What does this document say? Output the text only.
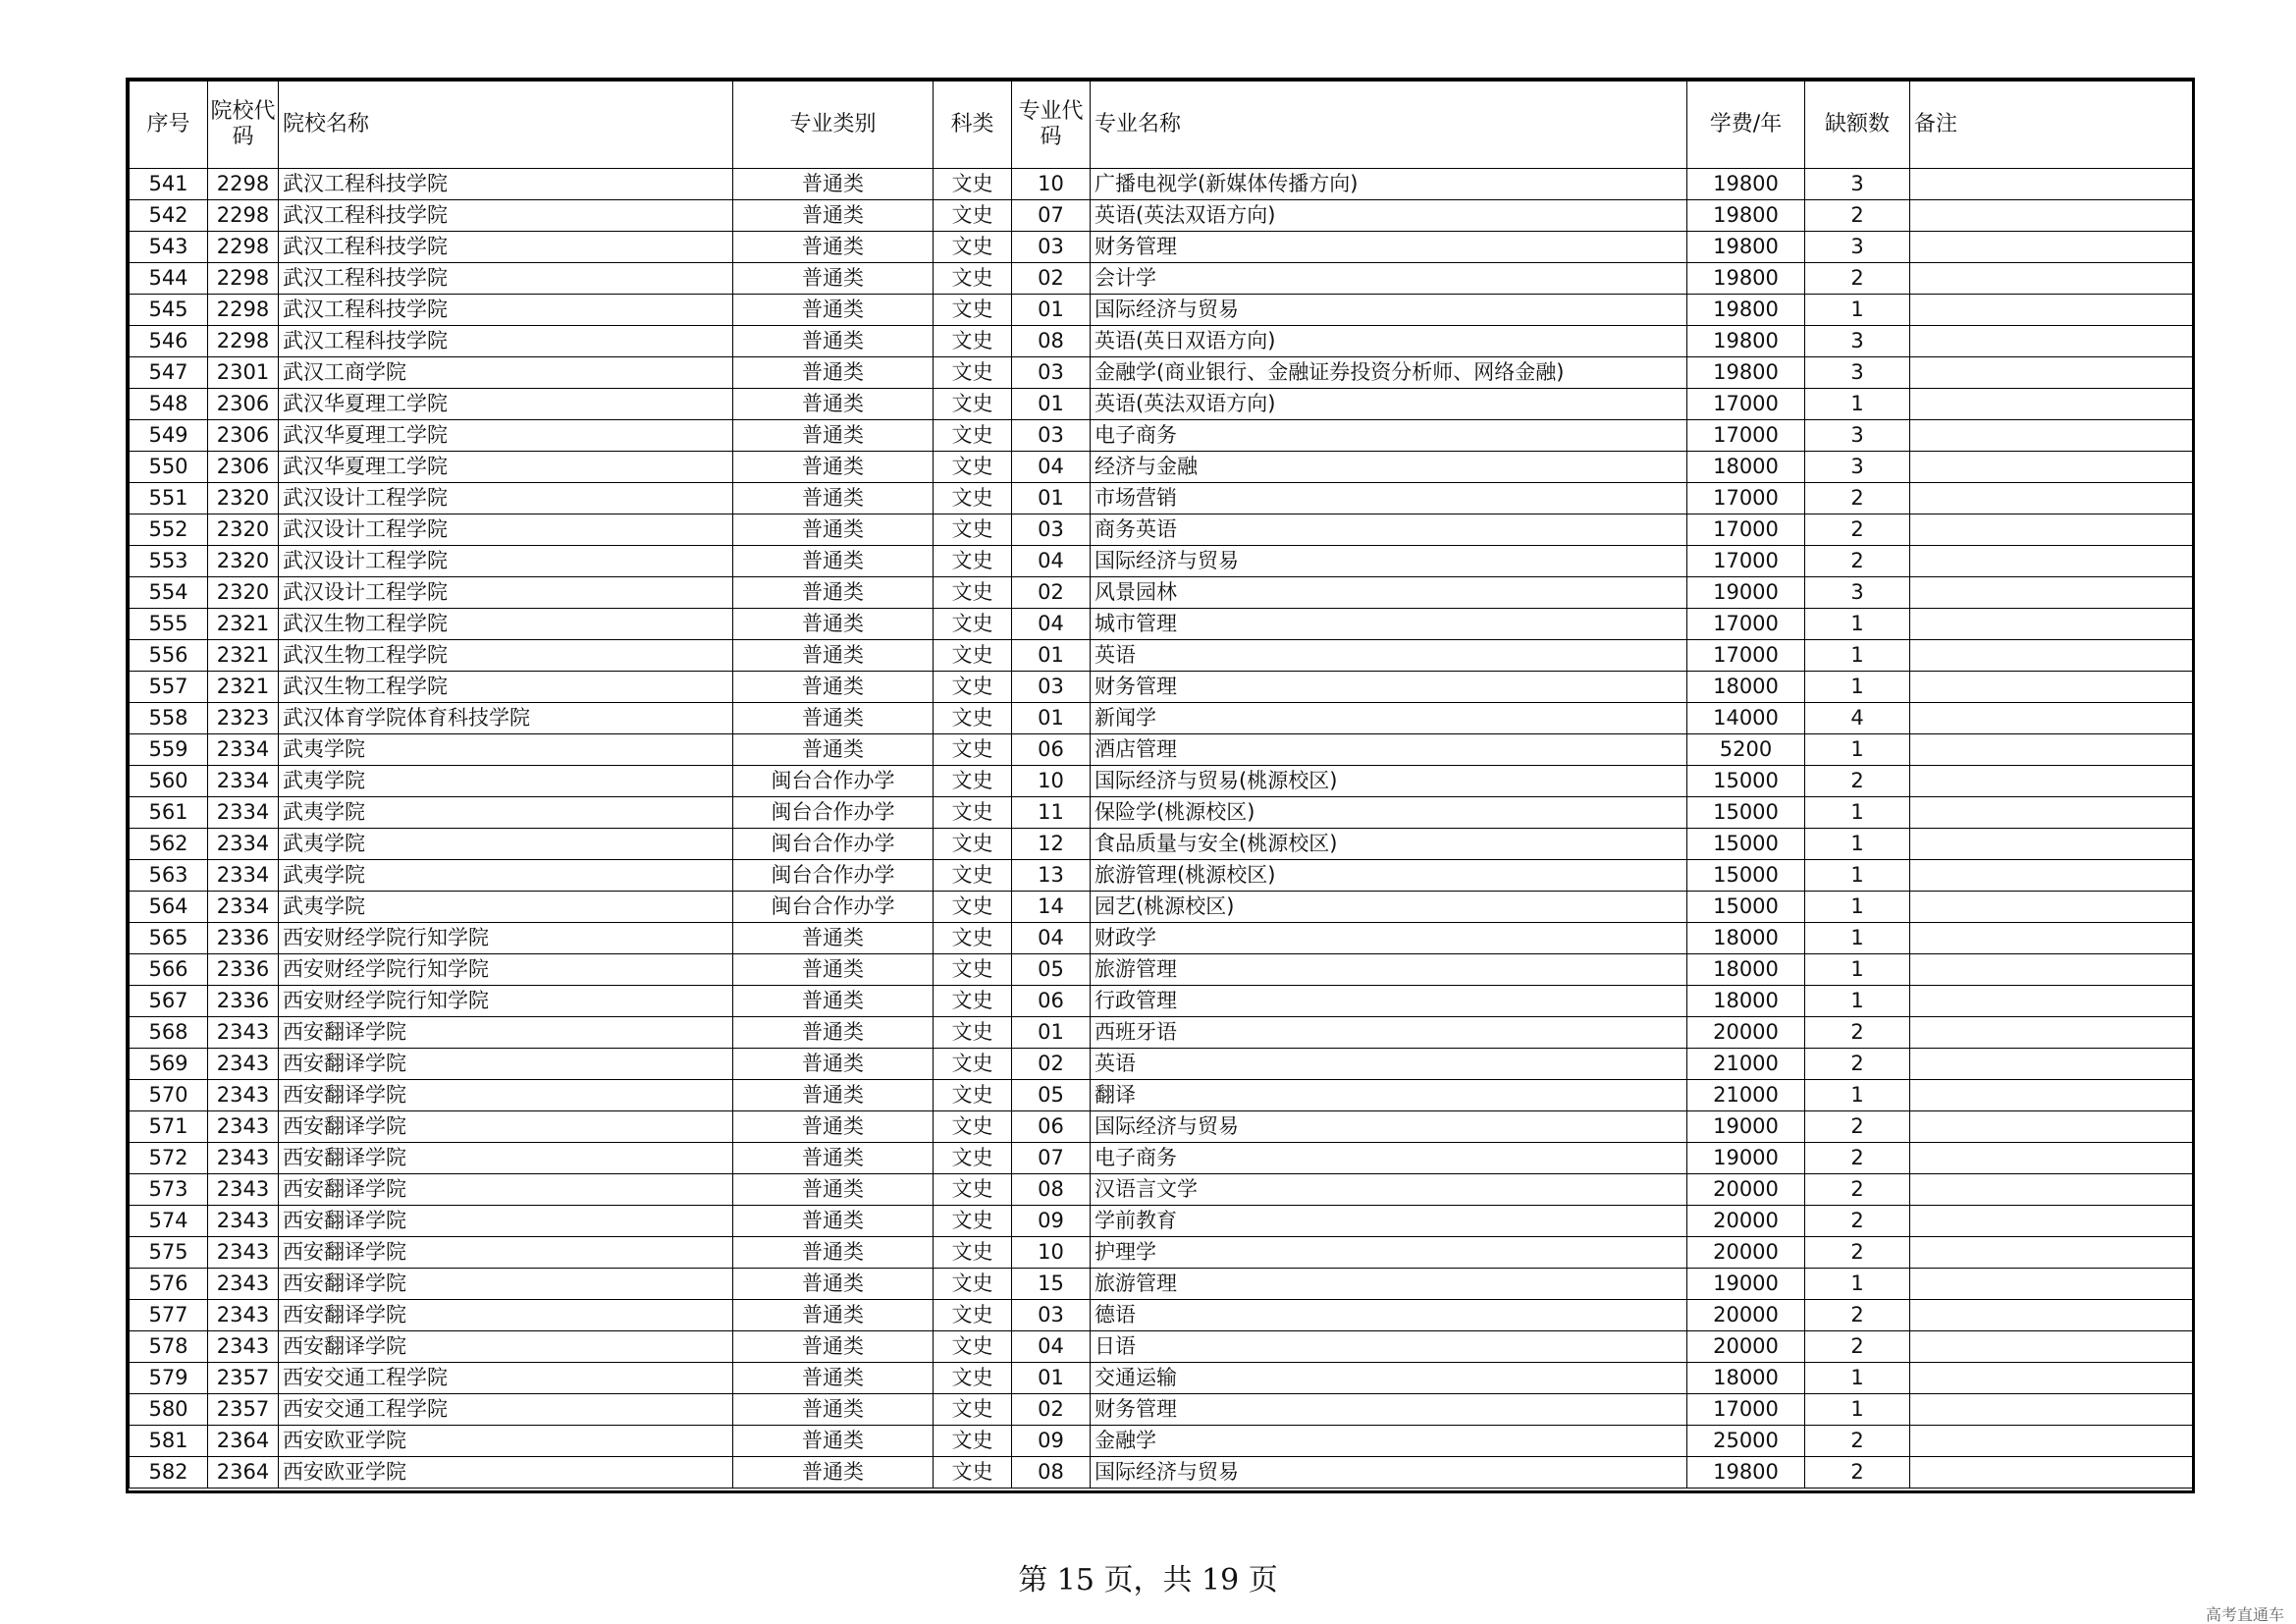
序号	院校代码	院校名称	专业类别	科类	专业代码	专业名称	学费/年	缺额数	备注
541	2298	武汉工程科技学院	普通类	文史	10	广播电视学(新媒体传播方向)	19800	3	
542	2298	武汉工程科技学院	普通类	文史	07	英语(英法双语方向)	19800	2	
543	2298	武汉工程科技学院	普通类	文史	03	财务管理	19800	3	
544	2298	武汉工程科技学院	普通类	文史	02	会计学	19800	2	
545	2298	武汉工程科技学院	普通类	文史	01	国际经济与贸易	19800	1	
546	2298	武汉工程科技学院	普通类	文史	08	英语(英日双语方向)	19800	3	
547	2301	武汉工商学院	普通类	文史	03	金融学(商业银行、金融证券投资分析师、网络金融)	19800	3	
548	2306	武汉华夏理工学院	普通类	文史	01	英语(英法双语方向)	17000	1	
549	2306	武汉华夏理工学院	普通类	文史	03	电子商务	17000	3	
550	2306	武汉华夏理工学院	普通类	文史	04	经济与金融	18000	3	
551	2320	武汉设计工程学院	普通类	文史	01	市场营销	17000	2	
552	2320	武汉设计工程学院	普通类	文史	03	商务英语	17000	2	
553	2320	武汉设计工程学院	普通类	文史	04	国际经济与贸易	17000	2	
554	2320	武汉设计工程学院	普通类	文史	02	风景园林	19000	3	
555	2321	武汉生物工程学院	普通类	文史	04	城市管理	17000	1	
556	2321	武汉生物工程学院	普通类	文史	01	英语	17000	1	
557	2321	武汉生物工程学院	普通类	文史	03	财务管理	18000	1	
558	2323	武汉体育学院体育科技学院	普通类	文史	01	新闻学	14000	4	
559	2334	武夷学院	普通类	文史	06	酒店管理	5200	1	
560	2334	武夷学院	闽台合作办学	文史	10	国际经济与贸易(桃源校区)	15000	2	
561	2334	武夷学院	闽台合作办学	文史	11	保险学(桃源校区)	15000	1	
562	2334	武夷学院	闽台合作办学	文史	12	食品质量与安全(桃源校区)	15000	1	
563	2334	武夷学院	闽台合作办学	文史	13	旅游管理(桃源校区)	15000	1	
564	2334	武夷学院	闽台合作办学	文史	14	园艺(桃源校区)	15000	1	
565	2336	西安财经学院行知学院	普通类	文史	04	财政学	18000	1	
566	2336	西安财经学院行知学院	普通类	文史	05	旅游管理	18000	1	
567	2336	西安财经学院行知学院	普通类	文史	06	行政管理	18000	1	
568	2343	西安翻译学院	普通类	文史	01	西班牙语	20000	2	
569	2343	西安翻译学院	普通类	文史	02	英语	21000	2	
570	2343	西安翻译学院	普通类	文史	05	翻译	21000	1	
571	2343	西安翻译学院	普通类	文史	06	国际经济与贸易	19000	2	
572	2343	西安翻译学院	普通类	文史	07	电子商务	19000	2	
573	2343	西安翻译学院	普通类	文史	08	汉语言文学	20000	2	
574	2343	西安翻译学院	普通类	文史	09	学前教育	20000	2	
575	2343	西安翻译学院	普通类	文史	10	护理学	20000	2	
576	2343	西安翻译学院	普通类	文史	15	旅游管理	19000	1	
577	2343	西安翻译学院	普通类	文史	03	德语	20000	2	
578	2343	西安翻译学院	普通类	文史	04	日语	20000	2	
579	2357	西安交通工程学院	普通类	文史	01	交通运输	18000	1	
580	2357	西安交通工程学院	普通类	文史	02	财务管理	17000	1	
581	2364	西安欧亚学院	普通类	文史	09	金融学	25000	2	
582	2364	西安欧亚学院	普通类	文史	08	国际经济与贸易	19800	2	
第 15 页，共 19 页
高考直通车
